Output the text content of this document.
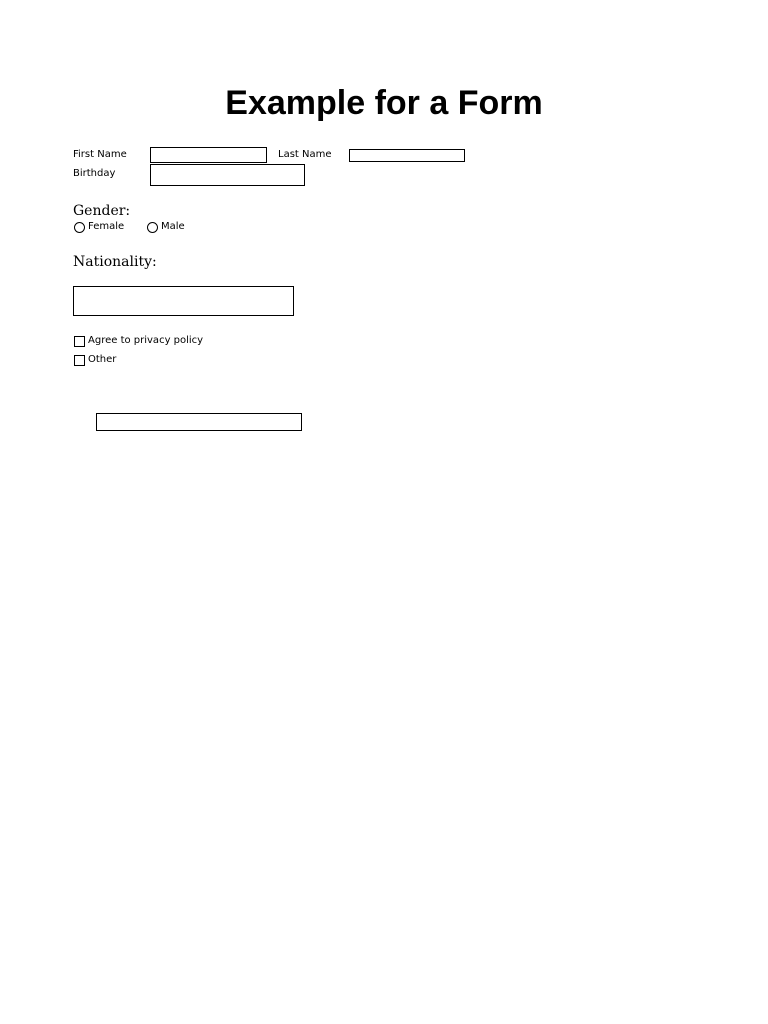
Example for a Form
First Name	Last Name
Birthday
Gender:
Female	Male
Nationality:
Agree to privacy policy
Other
